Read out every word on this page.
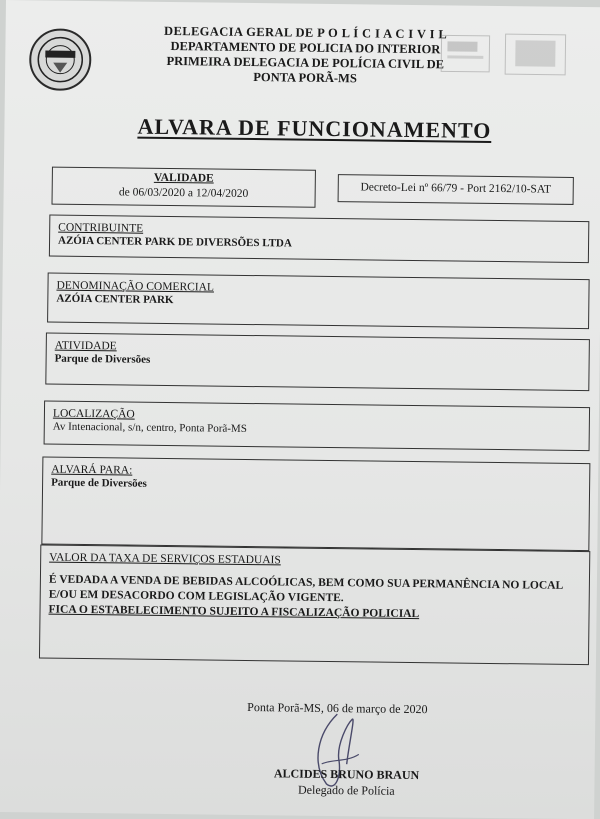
DELEGACIA GERAL DE P O L Í C I A C I V I L
DEPARTAMENTO DE POLICIA DO INTERIOR
PRIMEIRA DELEGACIA DE POLÍCIA CIVIL DE
PONTA PORÃ-MS
ALVARA DE FUNCIONAMENTO
VALIDADE
de 06/03/2020 a 12/04/2020	Decreto-Lei nº 66/79 - Port 2162/10-SAT
CONTRIBUINTE
AZÓIA CENTER PARK DE DIVERSÕES LTDA
DENOMINAÇÃO COMERCIAL
AZÓIA CENTER PARK
ATIVIDADE
Parque de Diversões
LOCALIZAÇÃO
Av Intenacional, s/n, centro, Ponta Porã-MS
ALVARÁ PARA:
Parque de Diversões
VALOR DA TAXA DE SERVIÇOS ESTADUAIS
É VEDADA A VENDA DE BEBIDAS ALCOÓLICAS, BEM COMO SUA PERMANÊNCIA NO LOCAL
E/OU EM DESACORDO COM LEGISLAÇÃO VIGENTE.
FICA O ESTABELECIMENTO SUJEITO A FISCALIZAÇÃO POLICIAL
Ponta Porã-MS, 06 de março de 2020
ALCIDES BRUNO BRAUN
Delegado de Polícia
